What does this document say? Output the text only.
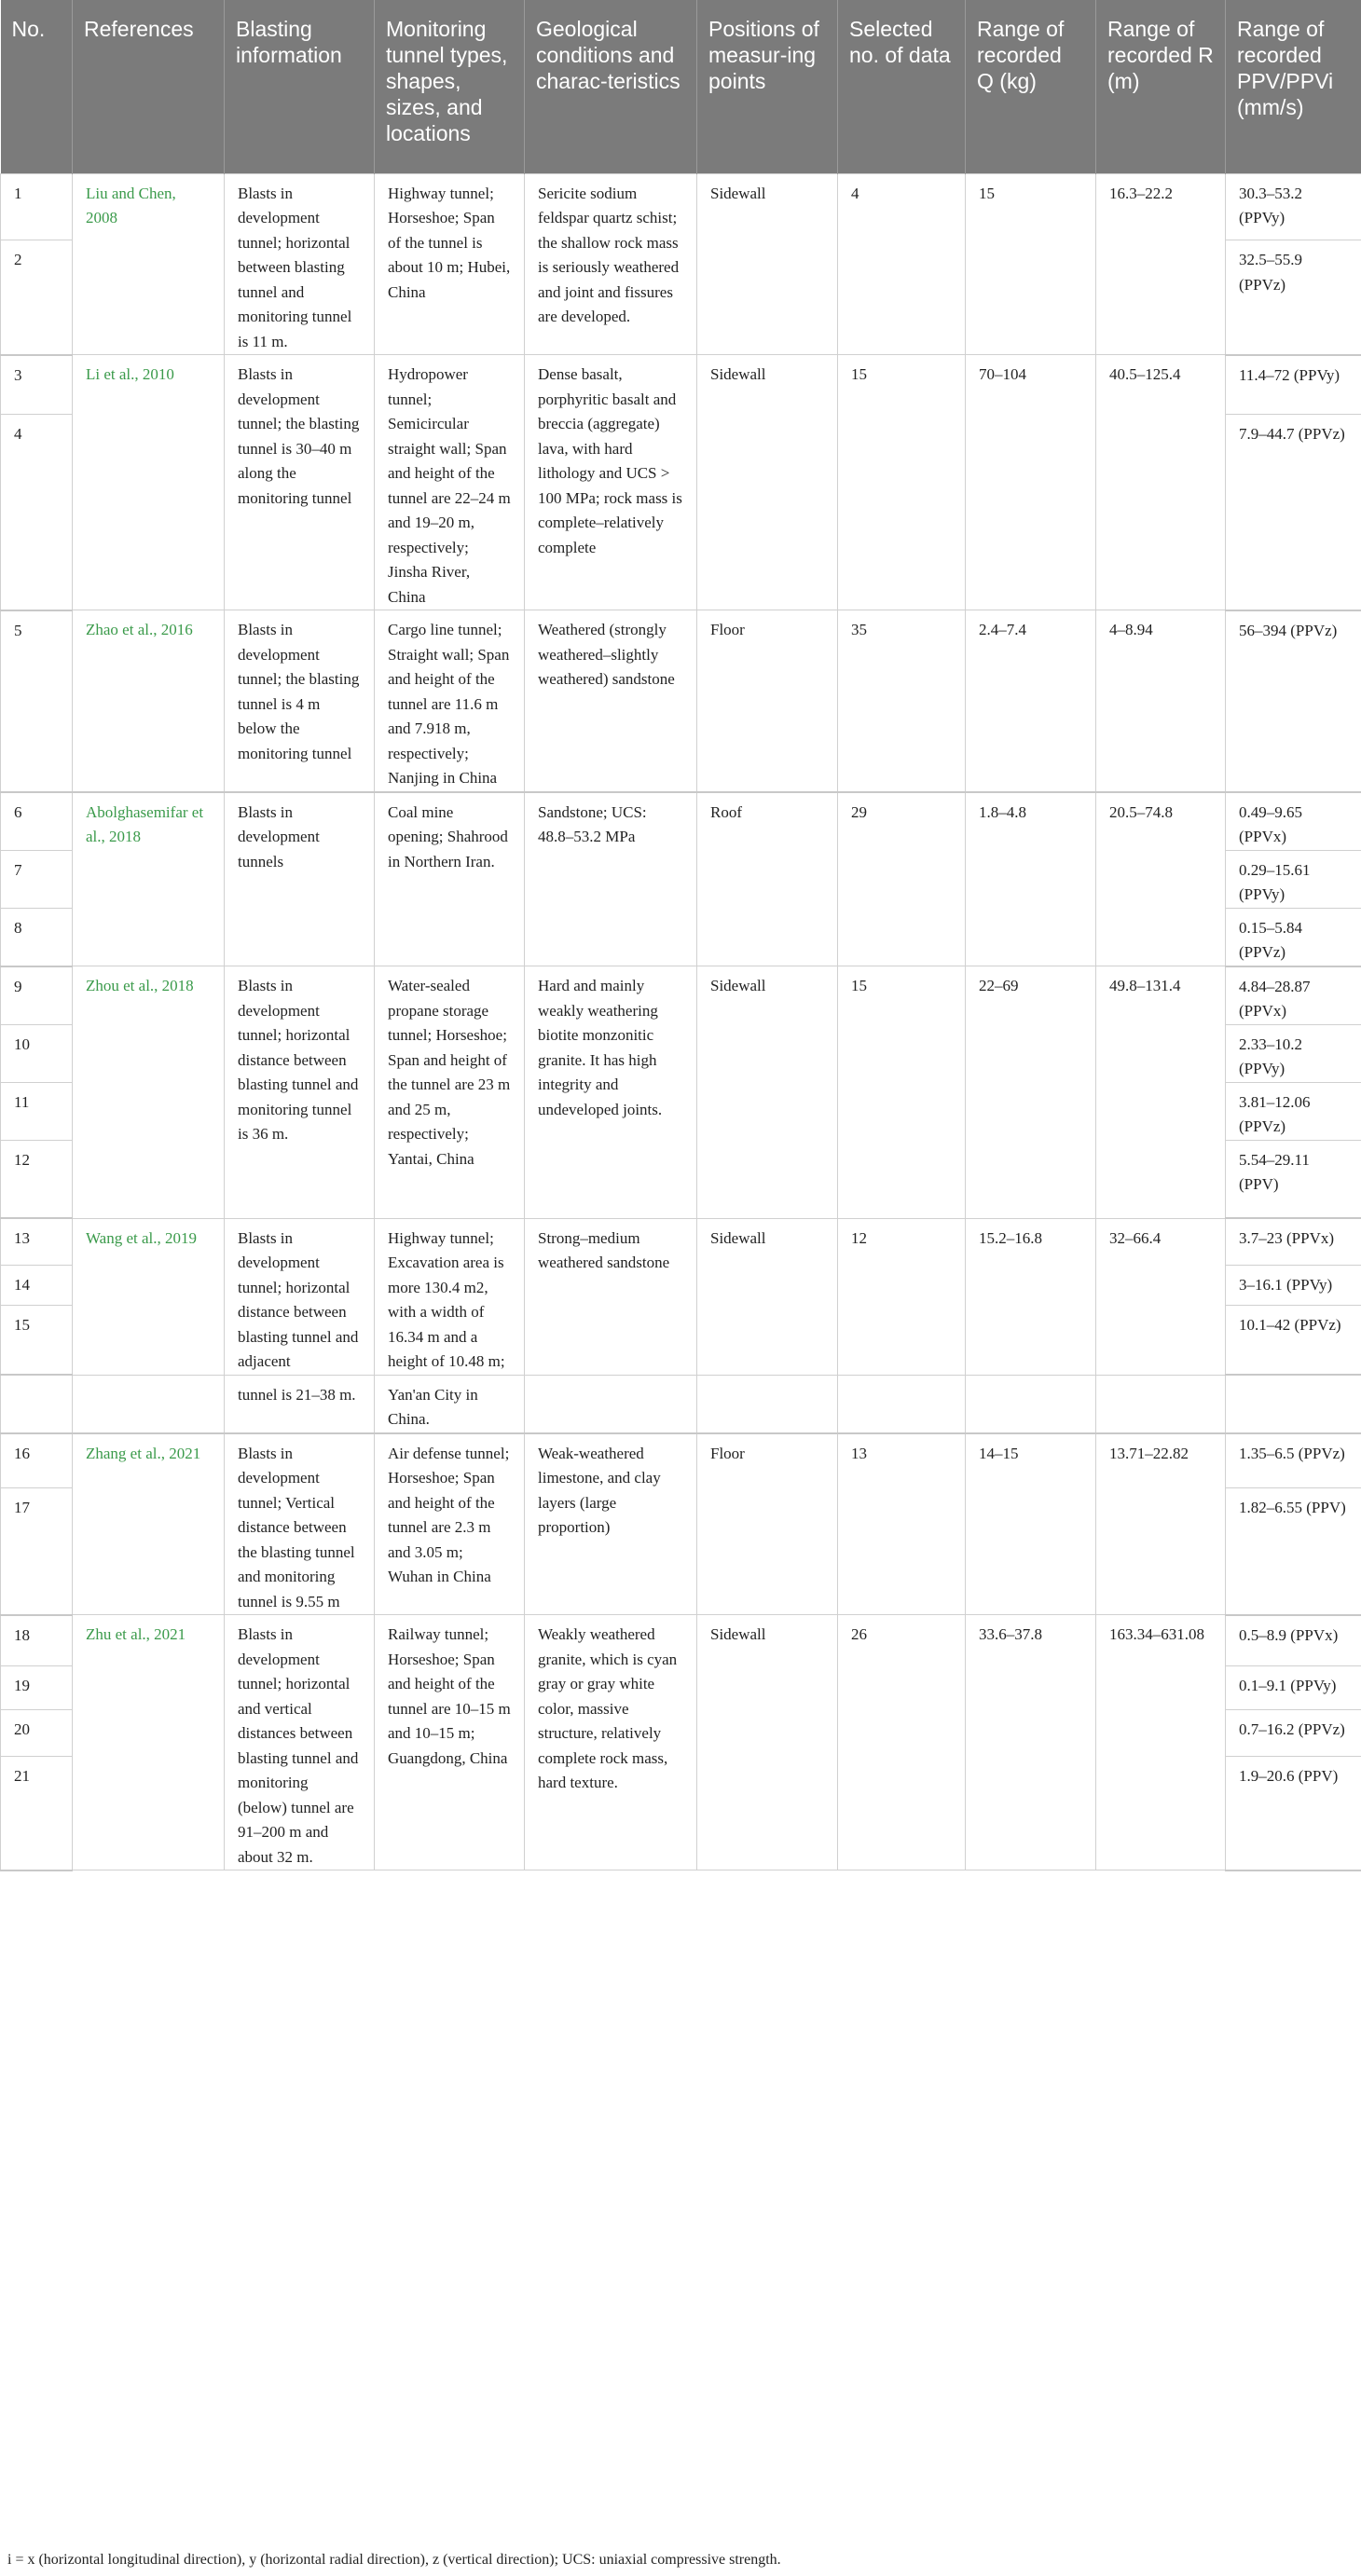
No.	References	Blasting information	Monitoring tunnel types, shapes, sizes, and locations	Geological conditions and charac-teristics	Positions of measur-ing points	Selected no. of data	Range of recorded Q (kg)	Range of recorded R (m)	Range of recorded PPV/PPVi (mm/s)
1	Liu and Chen, 2008	Blasts in development tunnel; horizontal between blasting tunnel and monitoring tunnel is 11 m.	Highway tunnel; Horseshoe; Span of the tunnel is about 10 m; Hubei, China	Sericite sodium feldspar quartz schist; the shallow rock mass is seriously weathered and joint and fissures are developed.	Sidewall	4	15	16.3–22.2	30.3–53.2 (PPVy)
2									32.5–55.9 (PPVz)
3	Li et al., 2010	Blasts in development tunnel; the blasting tunnel is 30–40 m along the monitoring tunnel	Hydropower tunnel; Semicircular straight wall; Span and height of the tunnel are 22–24 m and 19–20 m, respectively; Jinsha River, China	Dense basalt, porphyritic basalt and breccia (aggregate) lava, with hard lithology and UCS > 100 MPa; rock mass is complete–relatively complete	Sidewall	15	70–104	40.5–125.4	11.4–72 (PPVy)
4									7.9–44.7 (PPVz)
5	Zhao et al., 2016	Blasts in development tunnel; the blasting tunnel is 4 m below the monitoring tunnel	Cargo line tunnel; Straight wall; Span and height of the tunnel are 11.6 m and 7.918 m, respectively; Nanjing in China	Weathered (strongly weathered–slightly weathered) sandstone	Floor	35	2.4–7.4	4–8.94	56–394 (PPVz)
6	Abolghasemifar et al., 2018	Blasts in development tunnels	Coal mine opening; Shahrood in Northern Iran.	Sandstone; UCS: 48.8–53.2 MPa	Roof	29	1.8–4.8	20.5–74.8	0.49–9.65 (PPVx)
7									0.29–15.61 (PPVy)
8									0.15–5.84 (PPVz)
9	Zhou et al., 2018	Blasts in development tunnel; horizontal distance between blasting tunnel and monitoring tunnel is 36 m.	Water-sealed propane storage tunnel; Horseshoe; Span and height of the tunnel are 23 m and 25 m, respectively; Yantai, China	Hard and mainly weakly weathering biotite monzonitic granite. It has high integrity and undeveloped joints.	Sidewall	15	22–69	49.8–131.4	4.84–28.87 (PPVx)
10									2.33–10.2 (PPVy)
11									3.81–12.06 (PPVz)
12									5.54–29.11 (PPV)
13	Wang et al., 2019	Blasts in development tunnel; horizontal distance between blasting tunnel and adjacent	Highway tunnel; Excavation area is more 130.4 m2, with a width of 16.34 m and a height of 10.48 m;	Strong–medium weathered sandstone	Sidewall	12	15.2–16.8	32–66.4	3.7–23 (PPVx)
14									3–16.1 (PPVy)
15									10.1–42 (PPVz)
		tunnel is 21–38 m.	Yan'an City in China.						
16	Zhang et al., 2021	Blasts in development tunnel; Vertical distance between the blasting tunnel and monitoring tunnel is 9.55 m	Air defense tunnel; Horseshoe; Span and height of the tunnel are 2.3 m and 3.05 m; Wuhan in China	Weak-weathered limestone, and clay layers (large proportion)	Floor	13	14–15	13.71–22.82	1.35–6.5 (PPVz)
17									1.82–6.55 (PPV)
18	Zhu et al., 2021	Blasts in development tunnel; horizontal and vertical distances between blasting tunnel and monitoring (below) tunnel are 91–200 m and about 32 m.	Railway tunnel; Horseshoe; Span and height of the tunnel are 10–15 m and 10–15 m; Guangdong, China	Weakly weathered granite, which is cyan gray or gray white color, massive structure, relatively complete rock mass, hard texture.	Sidewall	26	33.6–37.8	163.34–631.08	0.5–8.9 (PPVx)
19									0.1–9.1 (PPVy)
20									0.7–16.2 (PPVz)
21									1.9–20.6 (PPV)
i = x (horizontal longitudinal direction), y (horizontal radial direction), z (vertical direction); UCS: uniaxial compressive strength.
